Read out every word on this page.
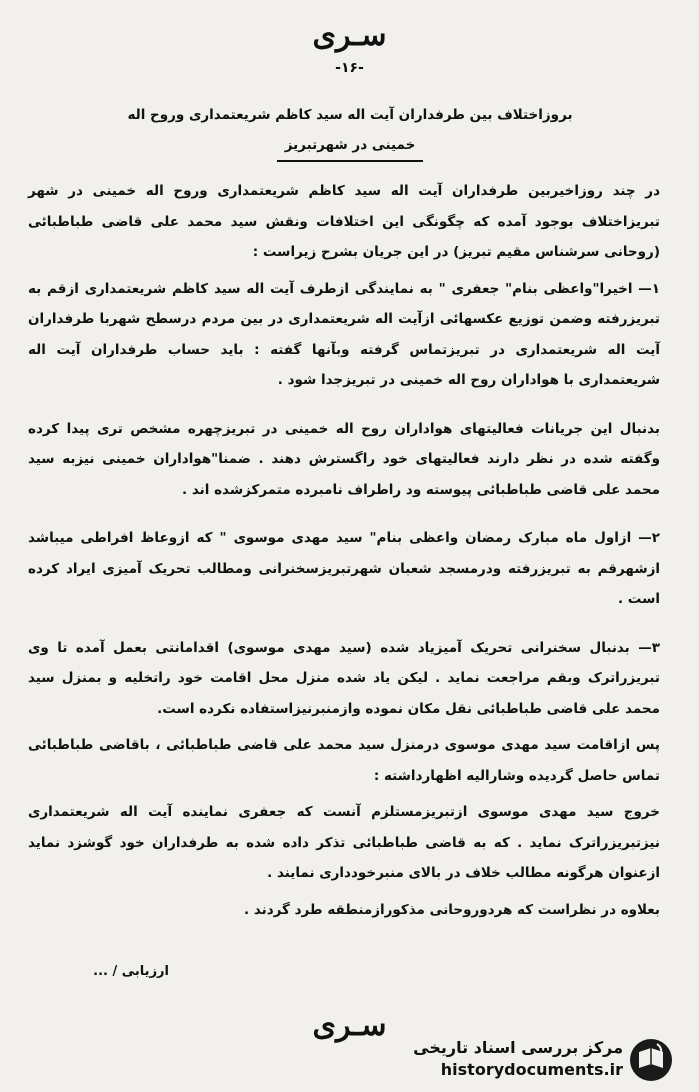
سـری
-۱۶-
بروزاختلاف بین طرفداران آیت اله سید کاظم شریعتمداری وروح اله
خمینی در شهرتبریز

در چند روزاخیربین طرفداران آیت اله سید کاظم شریعتمداری وروح اله خمینی در شهر تبریزاختلاف بوجود آمده که چگونگی این اختلافات ونقش سید محمد علی قاضی طباطبائی (روحانی سرشناس مقیم تبریز) در این جریان بشرح زیراست :

۱— اخیرا"واعظی بنام" جعفری " به نمایندگی ازطرف آیت اله سید کاظم شریعتمداری ازقم به تبریزرفته وضمن توزیع عکسهائی ازآیت اله شریعتمداری در بین مردم درسطح شهربا طرفداران آیت اله شریعتمداری در تبریزتماس گرفته وبآنها گفته : باید حساب طرفداران آیت اله شریعتمداری با هواداران روح اله خمینی در تبریزجدا شود .

بدنبال این جریانات فعالیتهای هواداران روح اله خمینی در تبریزچهره مشخص تری پیدا کرده وگفته شده در نظر دارند فعالیتهای خود راگسترش دهند . ضمنا"هواداران خمینی نیزبه سید محمد علی قاضی طباطبائی پیوسته ود راطراف نامبرده متمرکزشده اند .

۲— ازاول ماه مبارک رمضان واعظی بنام" سید مهدی موسوی " که ازوعاظ افراطی میباشد ازشهرقم به تبریزرفته ودرمسجد شعبان شهرتبریزسخنرانی ومطالب تحریک آمیزی ایراد کرده است .

۳— بدنبال سخنرانی تحریک آمیزیاد شده (سید مهدی موسوی) اقدامانتی بعمل آمده تا وی تبریزراترک وبقم مراجعت نماید . لیکن یاد شده منزل محل اقامت خود راتخلیه و بمنزل سید محمد علی قاضی طباطبائی نقل مکان نموده وازمنبرنیزاستفاده نکرده است.

پس ازاقامت سید مهدی موسوی درمنزل سید محمد علی قاضی طباطبائی ، باقاضی طباطبائی تماس حاصل گردیده وشارالیه اظهارداشته :

خروج سید مهدی موسوی ازتبریزمستلزم آنست که جعفری نماینده آیت اله شریعتمداری نیزتبریزراترک نماید . که به قاضی طباطبائی تذکر داده شده به طرفداران خود گوشزد نماید ازعنوان هرگونه مطالب خلاف در بالای منبرخودداری نمایند .

بعلاوه در نظراست که هردوروحانی مذکورازمنطقه طرد گردند .

ارزیابی / ...
سـری
مرکز بررسی اسناد تاریخی
historydocuments.ir
